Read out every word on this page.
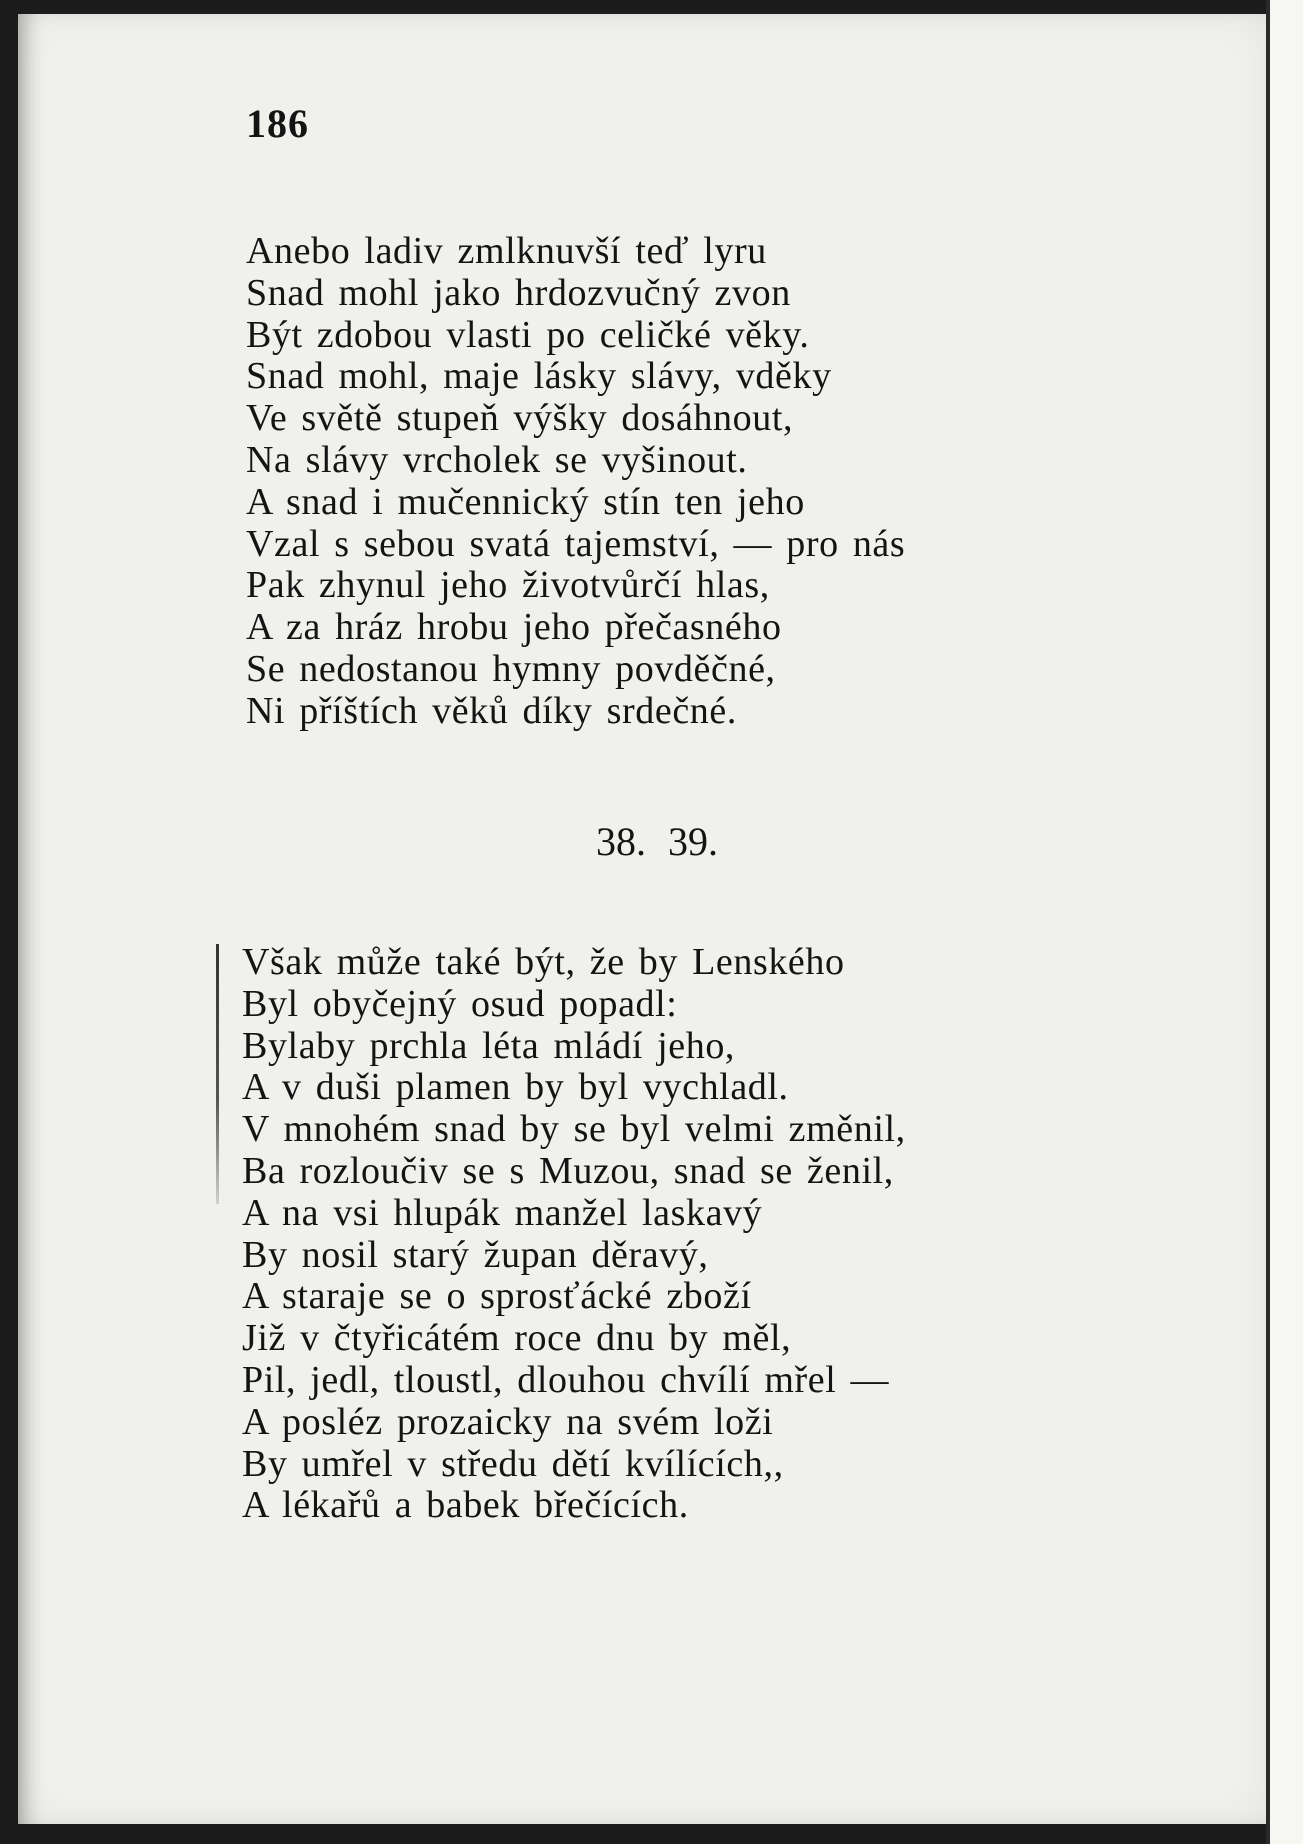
186
Anebo ladiv zmlknuvší teď lyru
Snad mohl jako hrdozvučný zvon
Být zdobou vlasti po celičké věky.
Snad mohl, maje lásky slávy, vděky
Ve světě stupeň výšky dosáhnout,
Na slávy vrcholek se vyšinout.
A snad i mučennický stín ten jeho
Vzal s sebou svatá tajemství, — pro nás
Pak zhynul jeho životvůrčí hlas,
A za hráz hrobu jeho přečasného
Se nedostanou hymny povděčné,
Ni příštích věků díky srdečné.
38. 39.
Však může také být, že by Lenského
Byl obyčejný osud popadl:
Bylaby prchla léta mládí jeho,
A v duši plamen by byl vychladl.
V mnohém snad by se byl velmi změnil,
Ba rozloučiv se s Muzou, snad se ženil,
A na vsi hlupák manžel laskavý
By nosil starý župan děravý,
A staraje se o sprosťácké zboží
Již v čtyřicátém roce dnu by měl,
Pil, jedl, tloustl, dlouhou chvílí mřel —
A posléz prozaicky na svém loži
By umřel v středu dětí kvílících,,
A lékařů a babek břečících.
